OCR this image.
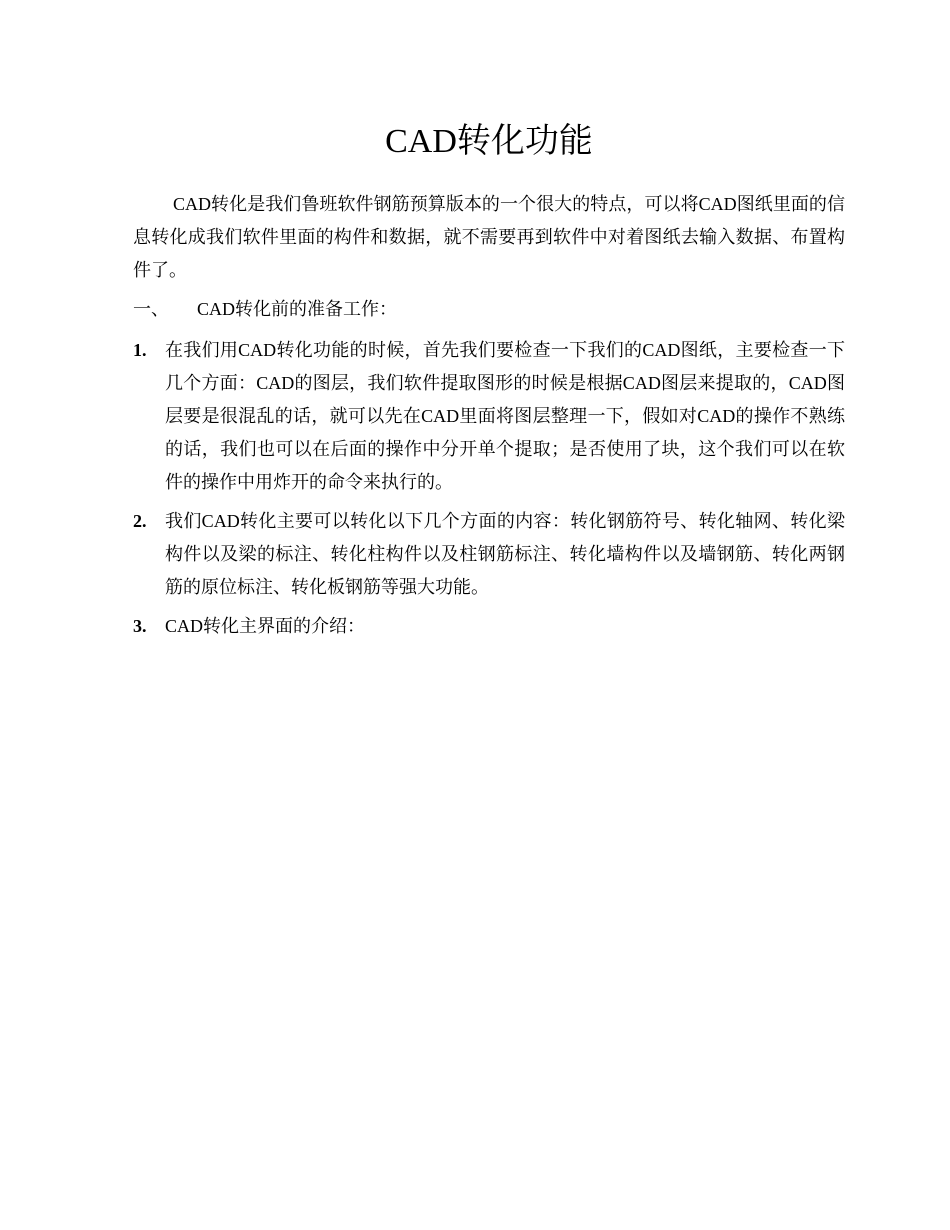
CAD转化功能

CAD转化是我们鲁班软件钢筋预算版本的一个很大的特点，可以将CAD图纸里面的信息转化成我们软件里面的构件和数据，就不需要再到软件中对着图纸去输入数据、布置构件了。

一、	CAD转化前的准备工作：
1.	在我们用CAD转化功能的时候，首先我们要检查一下我们的CAD图纸，主要检查一下几个方面：CAD的图层，我们软件提取图形的时候是根据CAD图层来提取的，CAD图层要是很混乱的话，就可以先在CAD里面将图层整理一下，假如对CAD的操作不熟练的话，我们也可以在后面的操作中分开单个提取；是否使用了块，这个我们可以在软件的操作中用炸开的命令来执行的。
2.	我们CAD转化主要可以转化以下几个方面的内容：转化钢筋符号、转化轴网、转化梁构件以及梁的标注、转化柱构件以及柱钢筋标注、转化墙构件以及墙钢筋、转化两钢筋的原位标注、转化板钢筋等强大功能。
3.	CAD转化主界面的介绍：
